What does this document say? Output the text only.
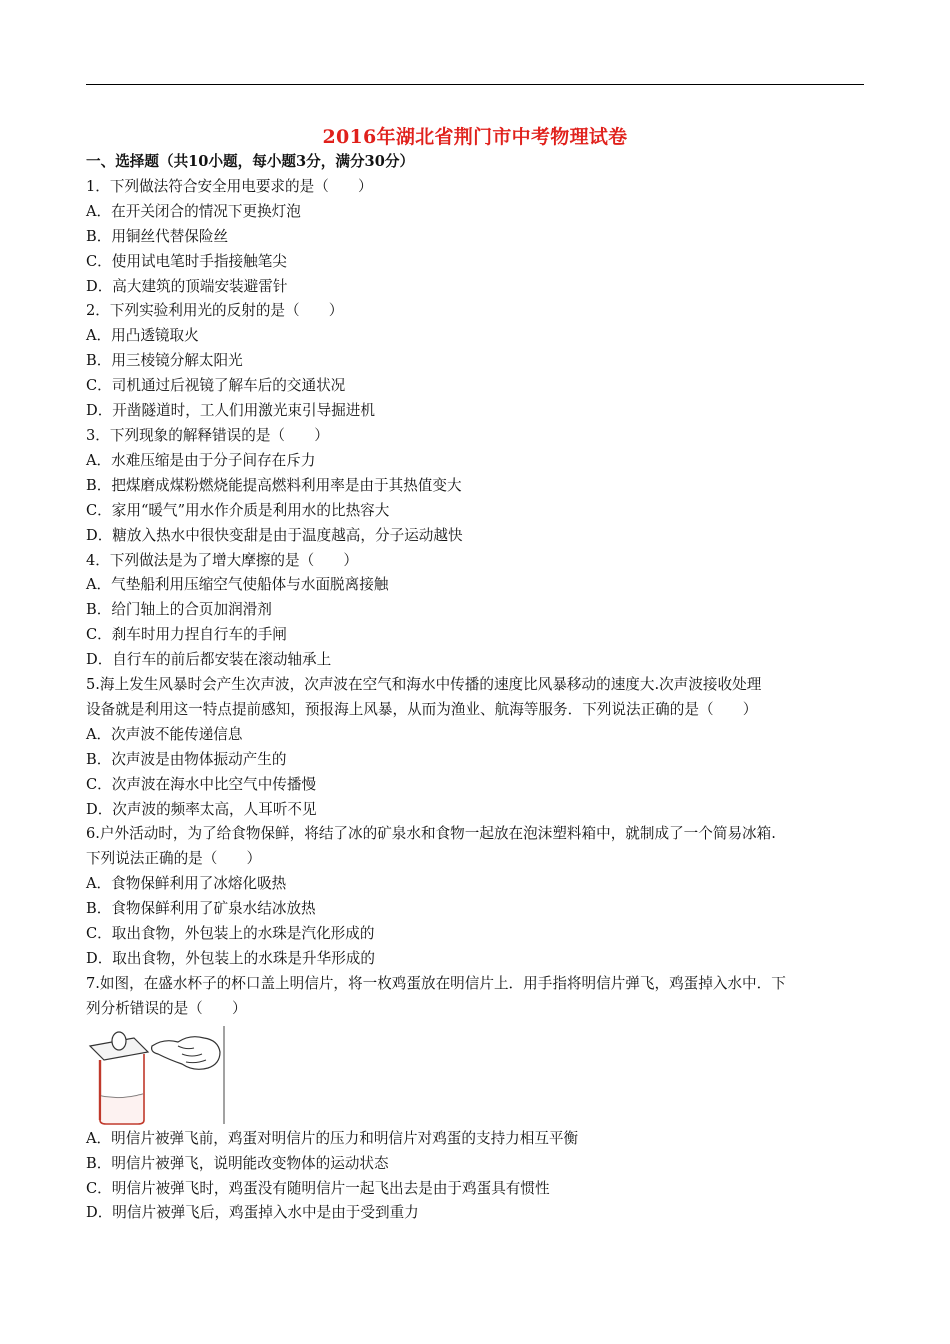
2016年湖北省荆门市中考物理试卷
一、选择题（共10小题，每小题3分，满分30分）
1．下列做法符合安全用电要求的是（　　）
A．在开关闭合的情况下更换灯泡
B．用铜丝代替保险丝
C．使用试电笔时手指接触笔尖
D．高大建筑的顶端安装避雷针
2．下列实验利用光的反射的是（　　）
A．用凸透镜取火
B．用三棱镜分解太阳光
C．司机通过后视镜了解车后的交通状况
D．开凿隧道时，工人们用激光束引导掘进机
3．下列现象的解释错误的是（　　）
A．水难压缩是由于分子间存在斥力
B．把煤磨成煤粉燃烧能提高燃料利用率是由于其热值变大
C．家用“暖气”用水作介质是利用水的比热容大
D．糖放入热水中很快变甜是由于温度越高，分子运动越快
4．下列做法是为了增大摩擦的是（　　）
A．气垫船利用压缩空气使船体与水面脱离接触
B．给门轴上的合页加润滑剂
C．刹车时用力捏自行车的手闸
D．自行车的前后都安装在滚动轴承上
5.海上发生风暴时会产生次声波，次声波在空气和海水中传播的速度比风暴移动的速度大.次声波接收处理
设备就是利用这一特点提前感知，预报海上风暴，从而为渔业、航海等服务．下列说法正确的是（　　）
A．次声波不能传递信息
B．次声波是由物体振动产生的
C．次声波在海水中比空气中传播慢
D．次声波的频率太高，人耳听不见
6.户外活动时，为了给食物保鲜，将结了冰的矿泉水和食物一起放在泡沫塑料箱中，就制成了一个简易冰箱.
下列说法正确的是（　　）
A．食物保鲜利用了冰熔化吸热
B．食物保鲜利用了矿泉水结冰放热
C．取出食物，外包装上的水珠是汽化形成的
D．取出食物，外包装上的水珠是升华形成的
7.如图，在盛水杯子的杯口盖上明信片，将一枚鸡蛋放在明信片上．用手指将明信片弹飞，鸡蛋掉入水中．下
列分析错误的是（　　）
A．明信片被弹飞前，鸡蛋对明信片的压力和明信片对鸡蛋的支持力相互平衡
B．明信片被弹飞，说明能改变物体的运动状态
C．明信片被弹飞时，鸡蛋没有随明信片一起飞出去是由于鸡蛋具有惯性
D．明信片被弹飞后，鸡蛋掉入水中是由于受到重力
